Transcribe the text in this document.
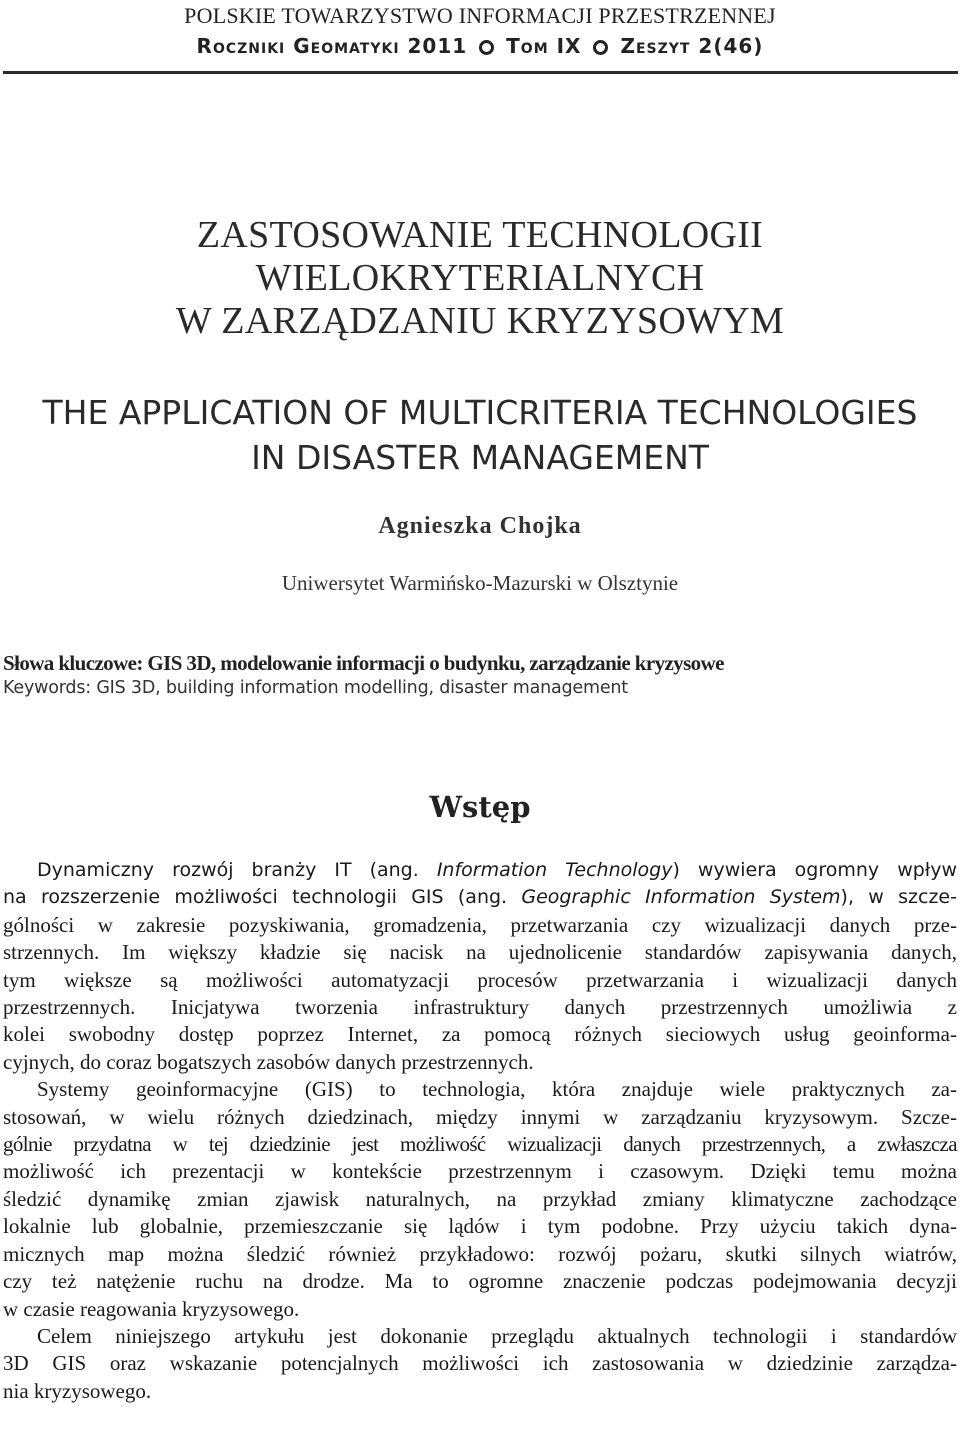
POLSKIE TOWARZYSTWO INFORMACJI PRZESTRZENNEJ
Roczniki Geomatyki 2011 Tom IX Zeszyt 2(46)
ZASTOSOWANIE TECHNOLOGII
WIELOKRYTERIALNYCH
W ZARZĄDZANIU KRYZYSOWYM
THE APPLICATION OF MULTICRITERIA TECHNOLOGIES
IN DISASTER MANAGEMENT
Agnieszka Chojka
Uniwersytet Warmińsko-Mazurski w Olsztynie
Słowa kluczowe: GIS 3D, modelowanie informacji o budynku, zarządzanie kryzysowe
Keywords: GIS 3D, building information modelling, disaster management
Wstęp
Dynamiczny rozwój branży IT (ang. Information Technology) wywiera ogromny wpływ
na rozszerzenie możliwości technologii GIS (ang. Geographic Information System), w szcze-
gólności w zakresie pozyskiwania, gromadzenia, przetwarzania czy wizualizacji danych prze-
strzennych. Im większy kładzie się nacisk na ujednolicenie standardów zapisywania danych,
tym większe są możliwości automatyzacji procesów przetwarzania i wizualizacji danych
przestrzennych. Inicjatywa tworzenia infrastruktury danych przestrzennych umożliwia z
kolei swobodny dostęp poprzez Internet, za pomocą różnych sieciowych usług geoinforma-
cyjnych, do coraz bogatszych zasobów danych przestrzennych.
Systemy geoinformacyjne (GIS) to technologia, która znajduje wiele praktycznych za-
stosowań, w wielu różnych dziedzinach, między innymi w zarządzaniu kryzysowym. Szcze-
gólnie przydatna w tej dziedzinie jest możliwość wizualizacji danych przestrzennych, a zwłaszcza
możliwość ich prezentacji w kontekście przestrzennym i czasowym. Dzięki temu można
śledzić dynamikę zmian zjawisk naturalnych, na przykład zmiany klimatyczne zachodzące
lokalnie lub globalnie, przemieszczanie się lądów i tym podobne. Przy użyciu takich dyna-
micznych map można śledzić również przykładowo: rozwój pożaru, skutki silnych wiatrów,
czy też natężenie ruchu na drodze. Ma to ogromne znaczenie podczas podejmowania decyzji
w czasie reagowania kryzysowego.
Celem niniejszego artykułu jest dokonanie przeglądu aktualnych technologii i standardów
3D GIS oraz wskazanie potencjalnych możliwości ich zastosowania w dziedzinie zarządza-
nia kryzysowego.
